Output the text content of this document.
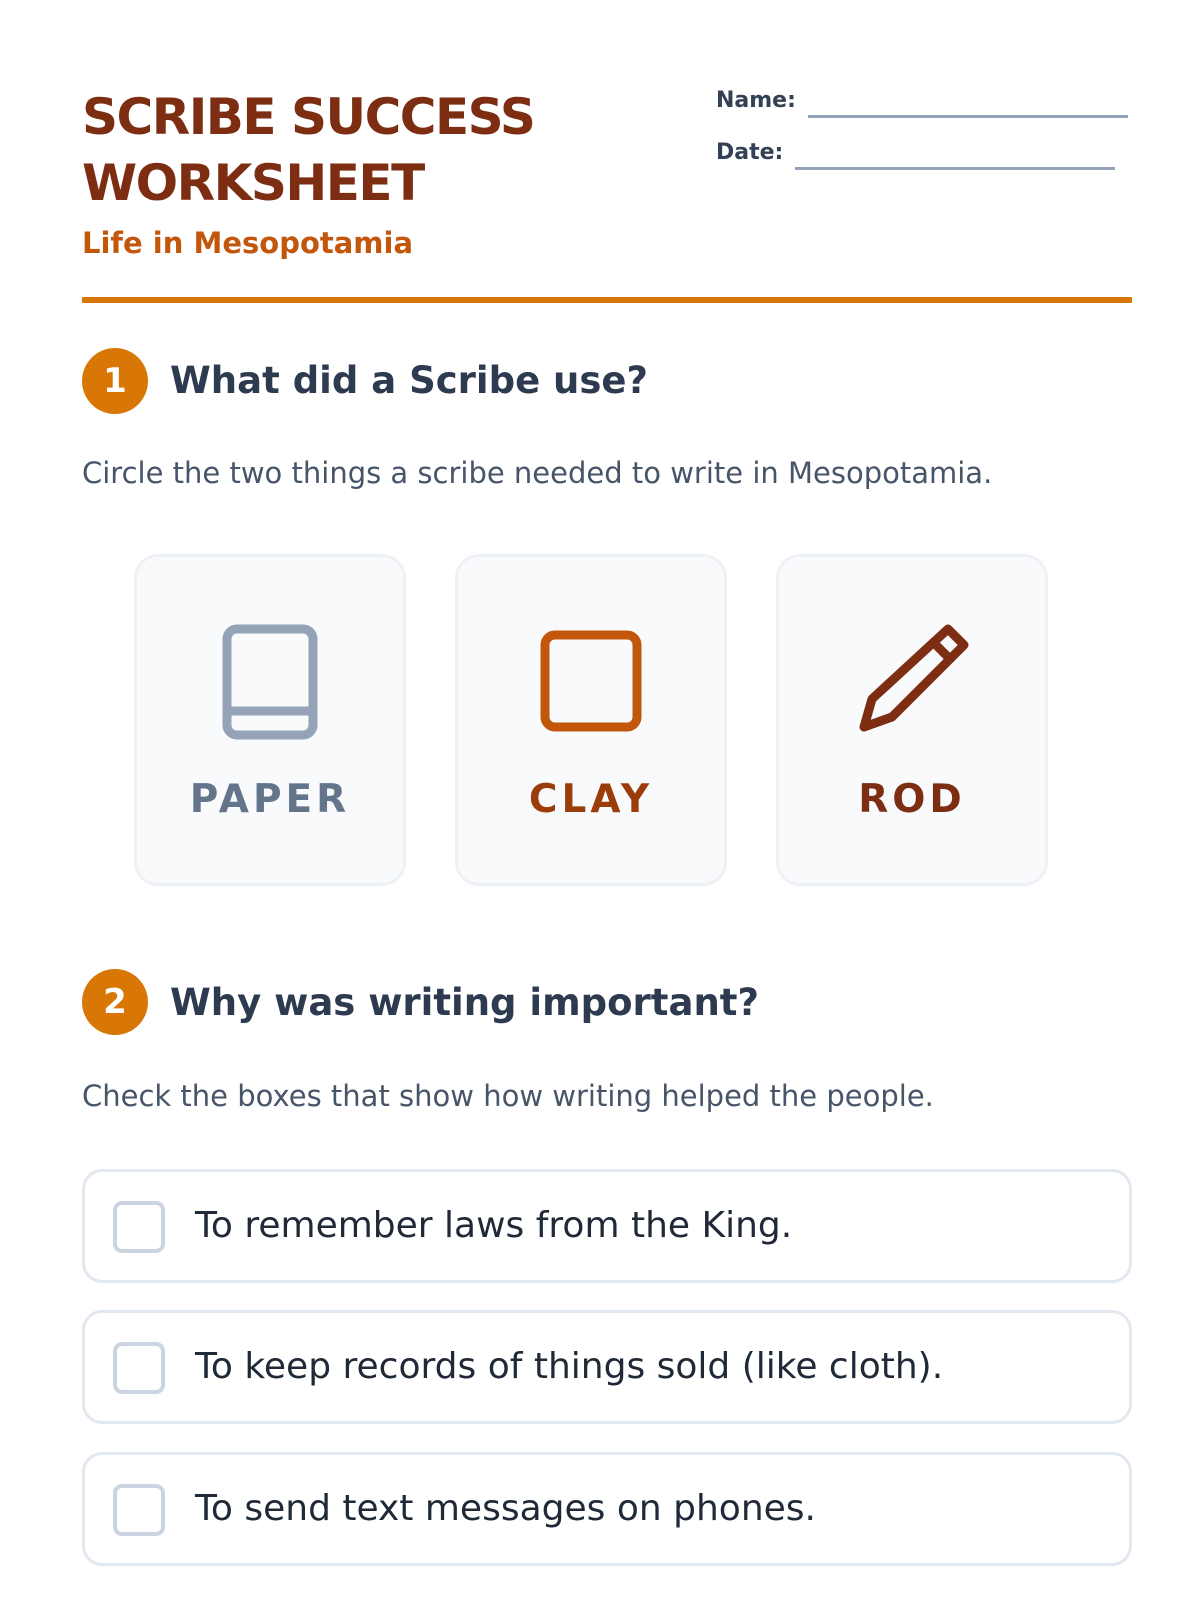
SCRIBE SUCCESS WORKSHEET

Life in Mesopotamia

Name:
Date:
1	What did a Scribe use?

Circle the two things a scribe needed to write in Mesopotamia.

PAPER	CLAY	ROD
2	Why was writing important?

Check the boxes that show how writing helped the people.

To remember laws from the King.
To keep records of things sold (like cloth).
To send text messages on phones.
